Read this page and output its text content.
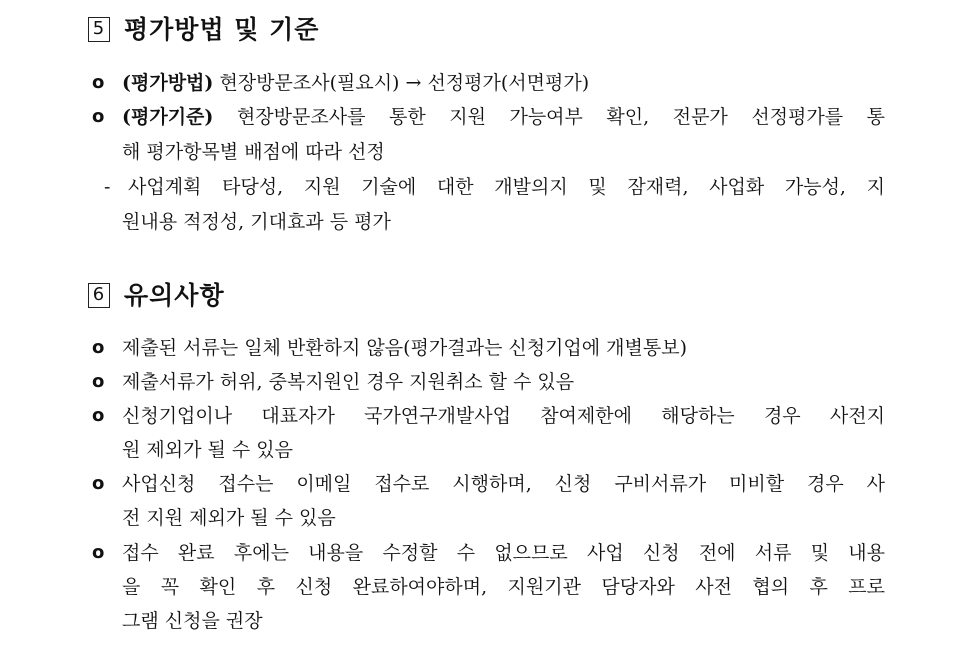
5 평가방법 및 기준
o (평가방법) 현장방문조사(필요시) → 선정평가(서면평가)
o (평가기준) 현장방문조사를 통한 지원 가능여부 확인, 전문가 선정평가를 통
해 평가항목별 배점에 따라 선정
- 사업계획 타당성, 지원 기술에 대한 개발의지 및 잠재력, 사업화 가능성, 지
원내용 적정성, 기대효과 등 평가
6 유의사항
o 제출된 서류는 일체 반환하지 않음(평가결과는 신청기업에 개별통보)
o 제출서류가 허위, 중복지원인 경우 지원취소 할 수 있음
o 신청기업이나 대표자가 국가연구개발사업 참여제한에 해당하는 경우 사전지
원 제외가 될 수 있음
o 사업신청 접수는 이메일 접수로 시행하며, 신청 구비서류가 미비할 경우 사
전 지원 제외가 될 수 있음
o 접수 완료 후에는 내용을 수정할 수 없으므로 사업 신청 전에 서류 및 내용
을 꼭 확인 후 신청 완료하여야하며, 지원기관 담당자와 사전 협의 후 프로
그램 신청을 권장
